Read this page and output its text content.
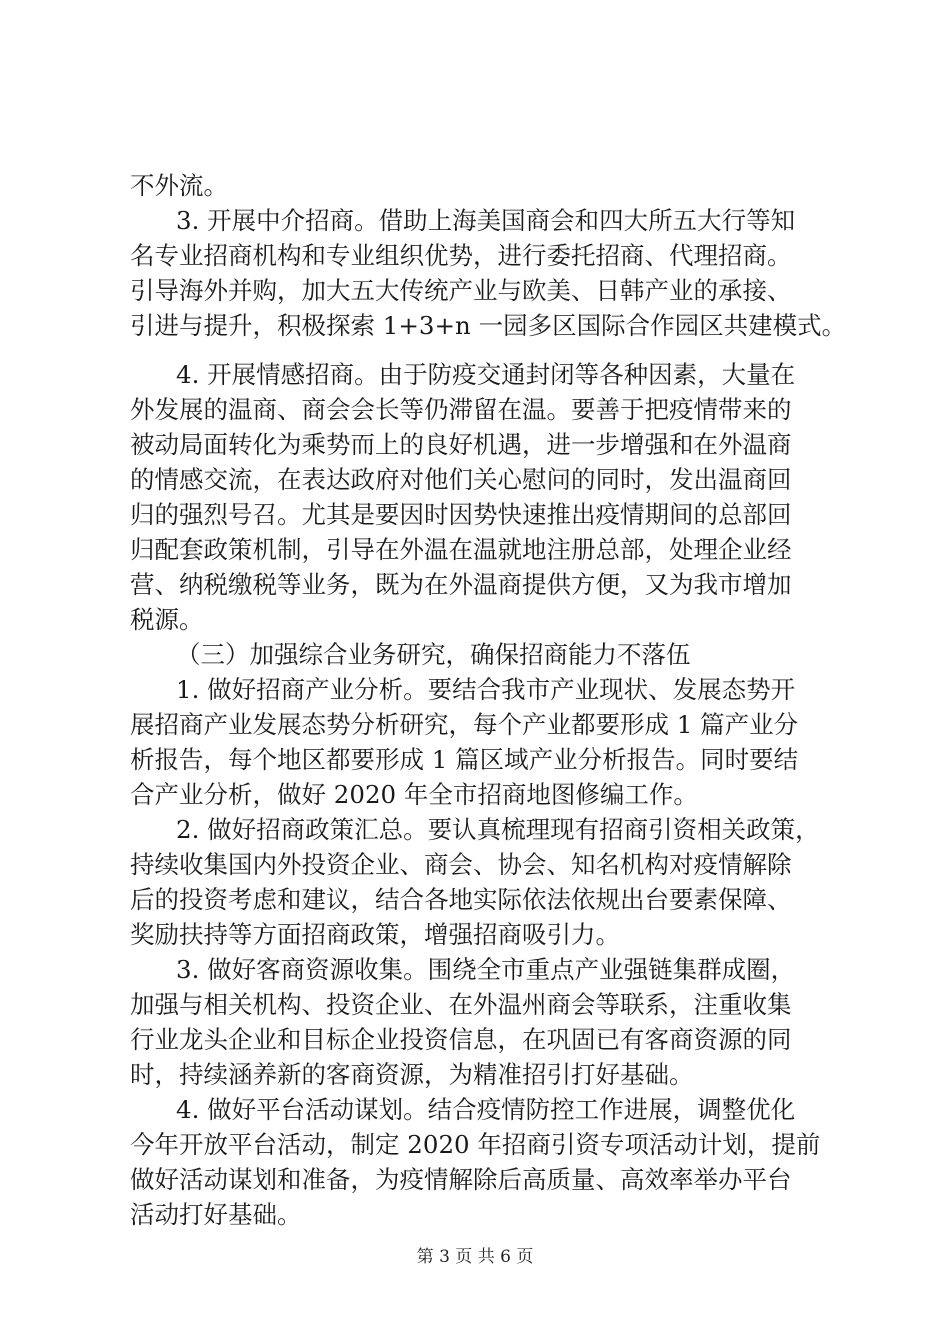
不外流。
3. 开展中介招商。借助上海美国商会和四大所五大行等知
名专业招商机构和专业组织优势，进行委托招商、代理招商。
引导海外并购，加大五大传统产业与欧美、日韩产业的承接、
引进与提升，积极探索 1+3+n 一园多区国际合作园区共建模式。
4. 开展情感招商。由于防疫交通封闭等各种因素，大量在
外发展的温商、商会会长等仍滞留在温。要善于把疫情带来的
被动局面转化为乘势而上的良好机遇，进一步增强和在外温商
的情感交流，在表达政府对他们关心慰问的同时，发出温商回
归的强烈号召。尤其是要因时因势快速推出疫情期间的总部回
归配套政策机制，引导在外温在温就地注册总部，处理企业经
营、纳税缴税等业务，既为在外温商提供方便，又为我市增加
税源。
（三）加强综合业务研究，确保招商能力不落伍
1. 做好招商产业分析。要结合我市产业现状、发展态势开
展招商产业发展态势分析研究，每个产业都要形成 1 篇产业分
析报告，每个地区都要形成 1 篇区域产业分析报告。同时要结
合产业分析，做好 2020 年全市招商地图修编工作。
2. 做好招商政策汇总。要认真梳理现有招商引资相关政策，
持续收集国内外投资企业、商会、协会、知名机构对疫情解除
后的投资考虑和建议，结合各地实际依法依规出台要素保障、
奖励扶持等方面招商政策，增强招商吸引力。
3. 做好客商资源收集。围绕全市重点产业强链集群成圈，
加强与相关机构、投资企业、在外温州商会等联系，注重收集
行业龙头企业和目标企业投资信息，在巩固已有客商资源的同
时，持续涵养新的客商资源，为精准招引打好基础。
4. 做好平台活动谋划。结合疫情防控工作进展，调整优化
今年开放平台活动，制定 2020 年招商引资专项活动计划，提前
做好活动谋划和准备，为疫情解除后高质量、高效率举办平台
活动打好基础。
第 3 页 共 6 页
